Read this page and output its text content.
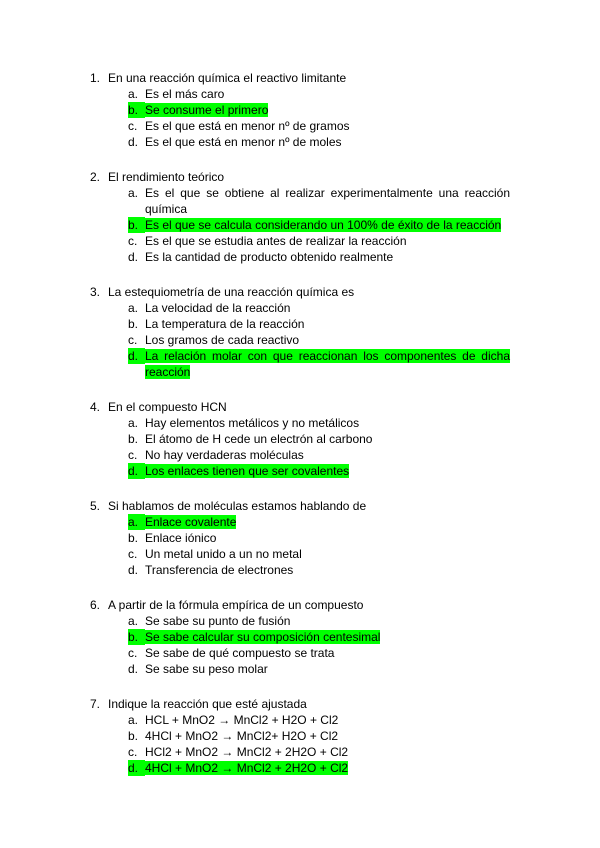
1. En una reacción química el reactivo limitante
a. Es el más caro
b. Se consume el primero
c. Es el que está en menor nº de gramos
d. Es el que está en menor nº de moles
2. El rendimiento teórico
a. Es el que se obtiene al realizar experimentalmente una reacción química
b. Es el que se calcula considerando un 100% de éxito de la reacción
c. Es el que se estudia antes de realizar la reacción
d. Es la cantidad de producto obtenido realmente
3. La estequiometría de una reacción química es
a. La velocidad de la reacción
b. La temperatura de la reacción
c. Los gramos de cada reactivo
d. La relación molar con que reaccionan los componentes de dicha reacción
4. En el compuesto HCN
a. Hay elementos metálicos y no metálicos
b. El átomo de H cede un electrón al carbono
c. No hay verdaderas moléculas
d. Los enlaces tienen que ser covalentes
5. Si hablamos de moléculas estamos hablando de
a. Enlace covalente
b. Enlace iónico
c. Un metal unido a un no metal
d. Transferencia de electrones
6. A partir de la fórmula empírica de un compuesto
a. Se sabe su punto de fusión
b. Se sabe calcular su composición centesimal
c. Se sabe de qué compuesto se trata
d. Se sabe su peso molar
7. Indique la reacción que esté ajustada
a. HCL + MnO2 → MnCl2 + H2O + Cl2
b. 4HCl + MnO2 → MnCl2+ H2O + Cl2
c. HCl2 + MnO2 → MnCl2 + 2H2O + Cl2
d. 4HCl + MnO2 → MnCl2 + 2H2O + Cl2
